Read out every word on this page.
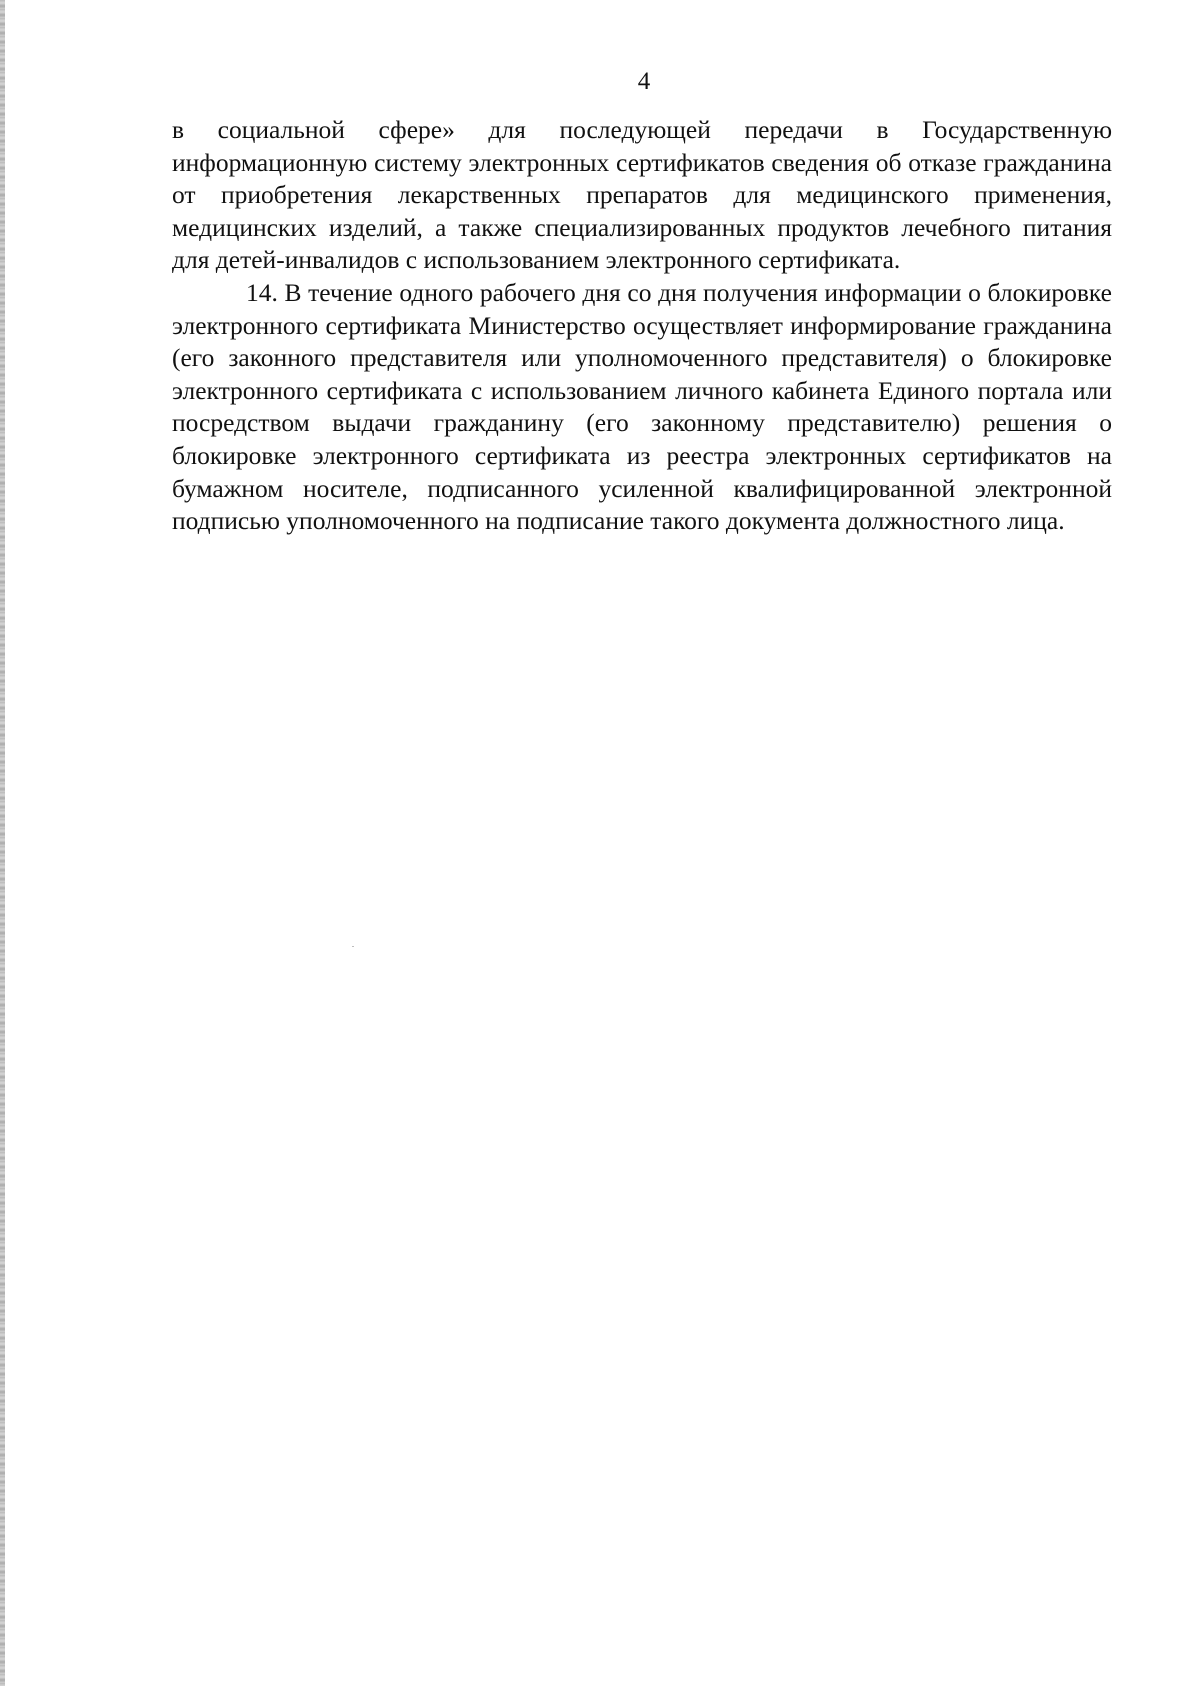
4

в социальной сфере» для последующей передачи в Государственную информационную систему электронных сертификатов сведения об отказе гражданина от приобретения лекарственных препаратов для медицинского применения, медицинских изделий, а также специализированных продуктов лечебного питания для детей-инвалидов с использованием электронного сертификата.

14. В течение одного рабочего дня со дня получения информации о блокировке электронного сертификата Министерство осуществляет информирование гражданина (его законного представителя или уполномоченного представителя) о блокировке электронного сертификата с использованием личного кабинета Единого портала или посредством выдачи гражданину (его законному представителю) решения о блокировке электронного сертификата из реестра электронных сертификатов на бумажном носителе, подписанного усиленной квалифицированной электронной подписью уполномоченного на подписание такого документа должностного лица.
